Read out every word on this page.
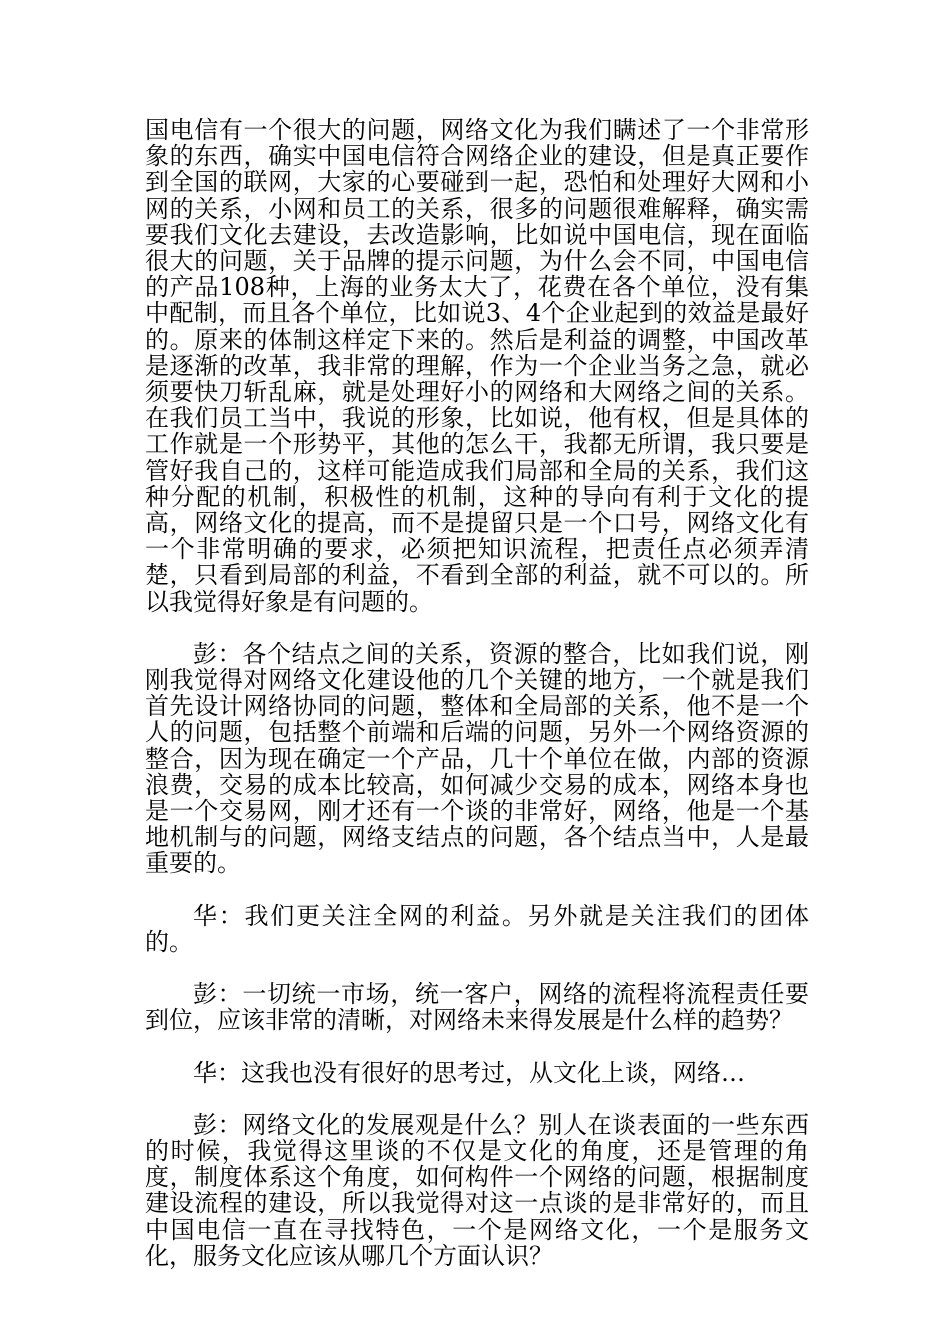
国电信有一个很大的问题，网络文化为我们瞒述了一个非常形象的东西，确实中国电信符合网络企业的建设，但是真正要作到全国的联网，大家的心要碰到一起，恐怕和处理好大网和小网的关系，小网和员工的关系，很多的问题很难解释，确实需要我们文化去建设，去改造影响，比如说中国电信，现在面临很大的问题，关于品牌的提示问题，为什么会不同，中国电信的产品108种，上海的业务太大了，花费在各个单位，没有集中配制，而且各个单位，比如说3、4个企业起到的效益是最好的。原来的体制这样定下来的。然后是利益的调整，中国改革是逐渐的改革，我非常的理解，作为一个企业当务之急，就必须要快刀斩乱麻，就是处理好小的网络和大网络之间的关系。在我们员工当中，我说的形象，比如说，他有权，但是具体的工作就是一个形势平，其他的怎么干，我都无所谓，我只要是管好我自己的，这样可能造成我们局部和全局的关系，我们这种分配的机制，积极性的机制，这种的导向有利于文化的提高，网络文化的提高，而不是提留只是一个口号，网络文化有一个非常明确的要求，必须把知识流程，把责任点必须弄清楚，只看到局部的利益，不看到全部的利益，就不可以的。所以我觉得好象是有问题的。

彭：各个结点之间的关系，资源的整合，比如我们说，刚刚我觉得对网络文化建设他的几个关键的地方，一个就是我们首先设计网络协同的问题，整体和全局部的关系，他不是一个人的问题，包括整个前端和后端的问题，另外一个网络资源的整合，因为现在确定一个产品，几十个单位在做，内部的资源浪费，交易的成本比较高，如何减少交易的成本，网络本身也是一个交易网，刚才还有一个谈的非常好，网络，他是一个基地机制与的问题，网络支结点的问题，各个结点当中，人是最重要的。

华：我们更关注全网的利益。另外就是关注我们的团体的。

彭：一切统一市场，统一客户，网络的流程将流程责任要到位，应该非常的清晰，对网络未来得发展是什么样的趋势？

华：这我也没有很好的思考过，从文化上谈，网络…

彭：网络文化的发展观是什么？别人在谈表面的一些东西的时候，我觉得这里谈的不仅是文化的角度，还是管理的角度，制度体系这个角度，如何构件一个网络的问题，根据制度建设流程的建设，所以我觉得对这一点谈的是非常好的，而且中国电信一直在寻找特色，一个是网络文化，一个是服务文化，服务文化应该从哪几个方面认识？
